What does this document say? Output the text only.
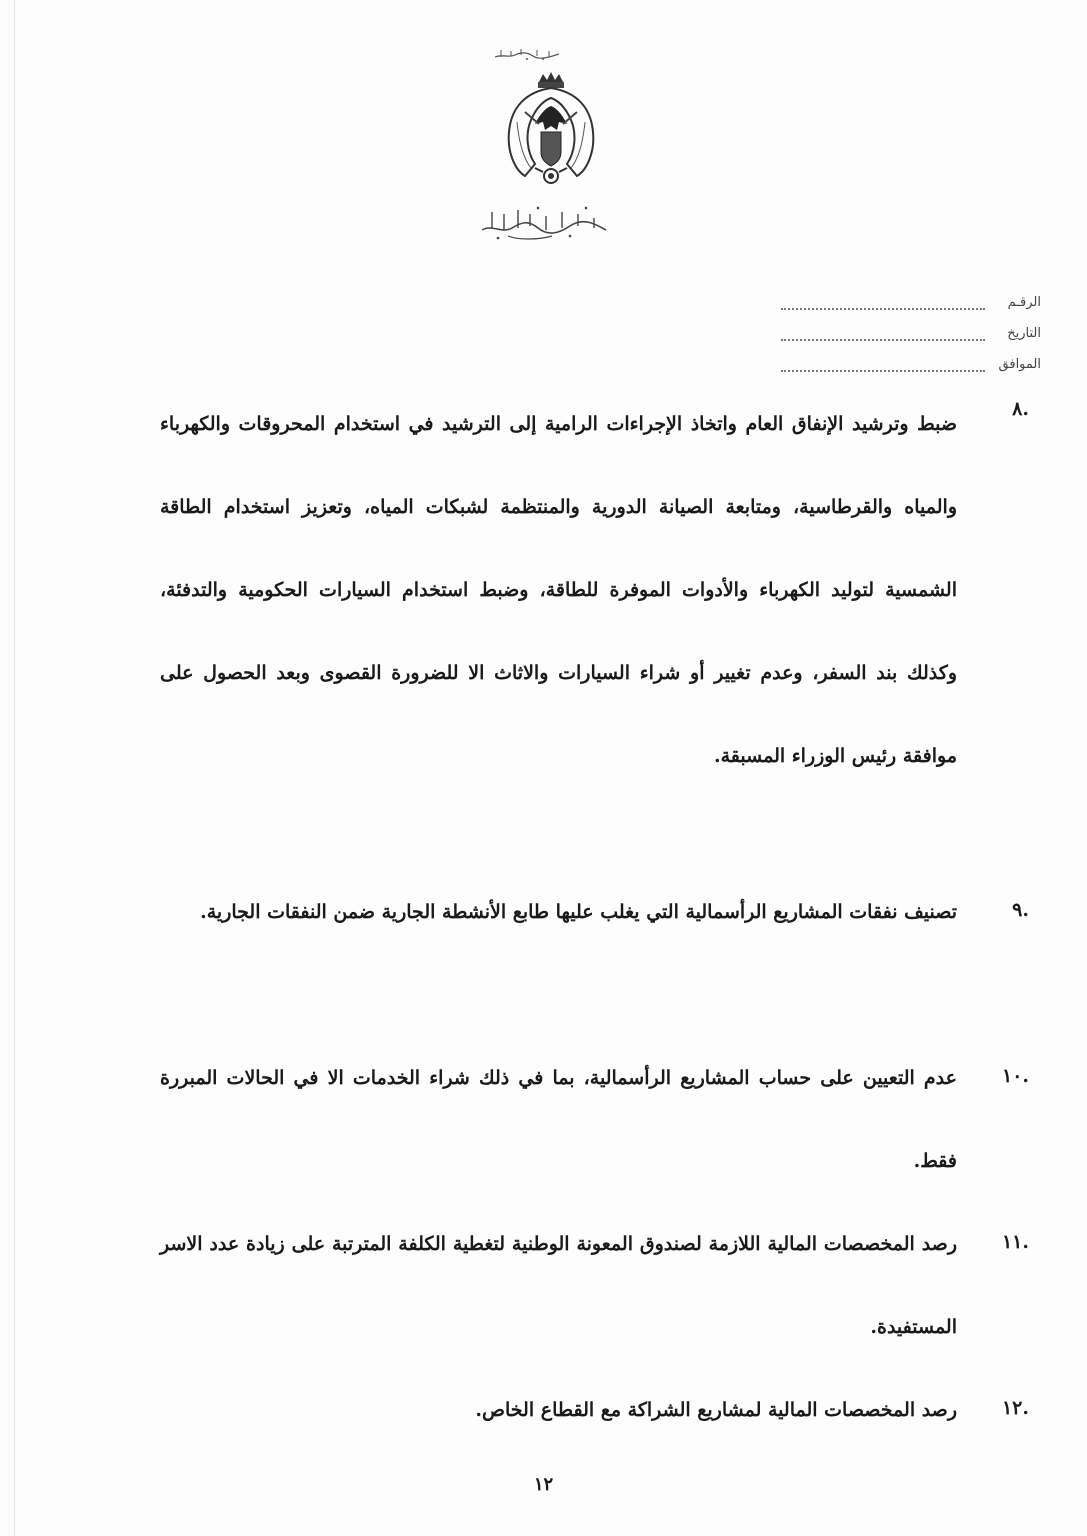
الرقـم
التاريخ
الموافق
.٨
ضبط وترشيد الإنفاق العام واتخاذ الإجراءات الرامية إلى الترشيد في استخدام المحروقات والكهرباء والمياه والقرطاسية، ومتابعة الصيانة الدورية والمنتظمة لشبكات المياه، وتعزيز استخدام الطاقة الشمسية لتوليد الكهرباء والأدوات الموفرة للطاقة، وضبط استخدام السيارات الحكومية والتدفئة، وكذلك بند السفر، وعدم تغيير أو شراء السيارات والاثاث الا للضرورة القصوى وبعد الحصول على موافقة رئيس الوزراء المسبقة.
.٩
تصنيف نفقات المشاريع الرأسمالية التي يغلب عليها طابع الأنشطة الجارية ضمن النفقات الجارية.
.١٠
عدم التعيين على حساب المشاريع الرأسمالية، بما في ذلك شراء الخدمات الا في الحالات المبررة فقط.
.١١
رصد المخصصات المالية اللازمة لصندوق المعونة الوطنية لتغطية الكلفة المترتبة على زيادة عدد الاسر المستفيدة.
.١٢
رصد المخصصات المالية لمشاريع الشراكة مع القطاع الخاص.
١٢
